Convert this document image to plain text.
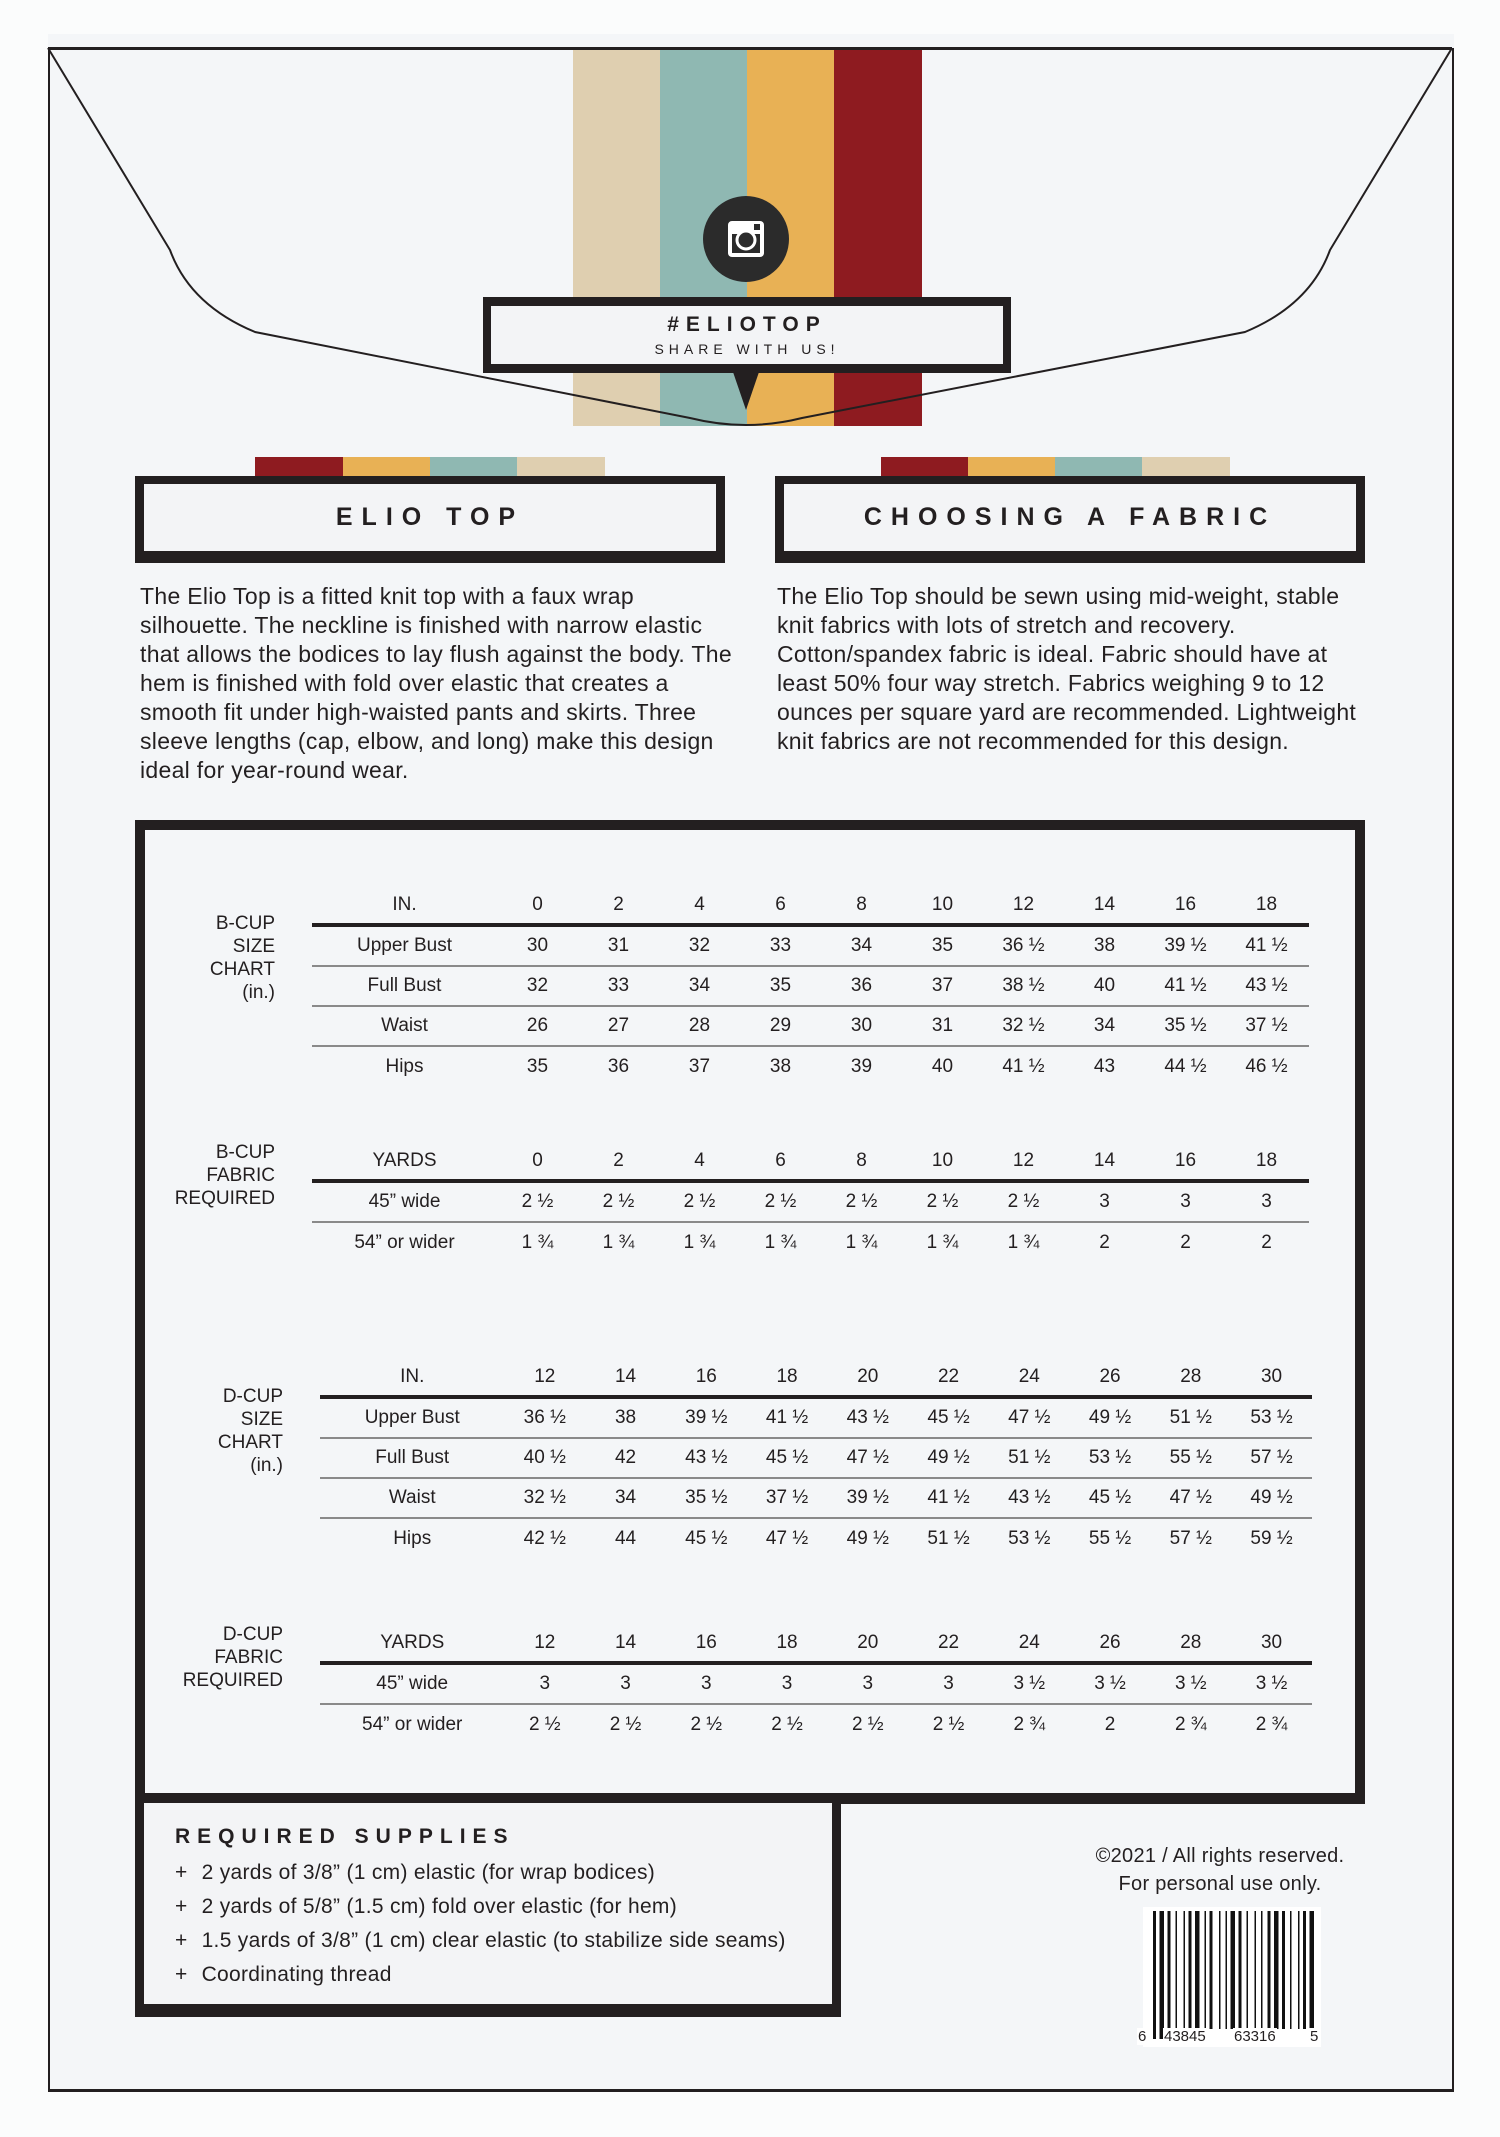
#ELIOTOP
SHARE WITH US!
ELIO TOP	CHOOSING A FABRIC
The Elio Top is a fitted knit top with a faux wrap silhouette. The neckline is finished with narrow elastic that allows the bodices to lay flush against the body. The hem is finished with fold over elastic that creates a smooth fit under high-waisted pants and skirts. Three sleeve lengths (cap, elbow, and long) make this design ideal for year-round wear.
The Elio Top should be sewn using mid-weight, stable knit fabrics with lots of stretch and recovery. Cotton/spandex fabric is ideal. Fabric should have at least 50% four way stretch. Fabrics weighing 9 to 12 ounces per square yard are recommended. Lightweight knit fabrics are not recommended for this design.
B-CUP
SIZE
CHART
(in.)
IN.	0	2	4	6	8	10	12	14	16	18
Upper Bust	30	31	32	33	34	35	36 ½	38	39 ½	41 ½
Full Bust	32	33	34	35	36	37	38 ½	40	41 ½	43 ½
Waist	26	27	28	29	30	31	32 ½	34	35 ½	37 ½
Hips	35	36	37	38	39	40	41 ½	43	44 ½	46 ½
B-CUP
FABRIC
REQUIRED
YARDS	0	2	4	6	8	10	12	14	16	18
45” wide	2 ½	2 ½	2 ½	2 ½	2 ½	2 ½	2 ½	3	3	3
54” or wider	1 ¾	1 ¾	1 ¾	1 ¾	1 ¾	1 ¾	1 ¾	2	2	2
D-CUP
SIZE
CHART
(in.)
IN.	12	14	16	18	20	22	24	26	28	30
Upper Bust	36 ½	38	39 ½	41 ½	43 ½	45 ½	47 ½	49 ½	51 ½	53 ½
Full Bust	40 ½	42	43 ½	45 ½	47 ½	49 ½	51 ½	53 ½	55 ½	57 ½
Waist	32 ½	34	35 ½	37 ½	39 ½	41 ½	43 ½	45 ½	47 ½	49 ½
Hips	42 ½	44	45 ½	47 ½	49 ½	51 ½	53 ½	55 ½	57 ½	59 ½
D-CUP
FABRIC
REQUIRED
YARDS	12	14	16	18	20	22	24	26	28	30
45” wide	3	3	3	3	3	3	3 ½	3 ½	3 ½	3 ½
54” or wider	2 ½	2 ½	2 ½	2 ½	2 ½	2 ½	2 ¾	2	2 ¾	2 ¾
REQUIRED SUPPLIES
+ 2 yards of 3/8” (1 cm) elastic (for wrap bodices)
+ 2 yards of 5/8” (1.5 cm) fold over elastic (for hem)
+ 1.5 yards of 3/8” (1 cm) clear elastic (to stabilize side seams)
+ Coordinating thread
©2021 / All rights reserved.
For personal use only.
6 43845 63316 5
